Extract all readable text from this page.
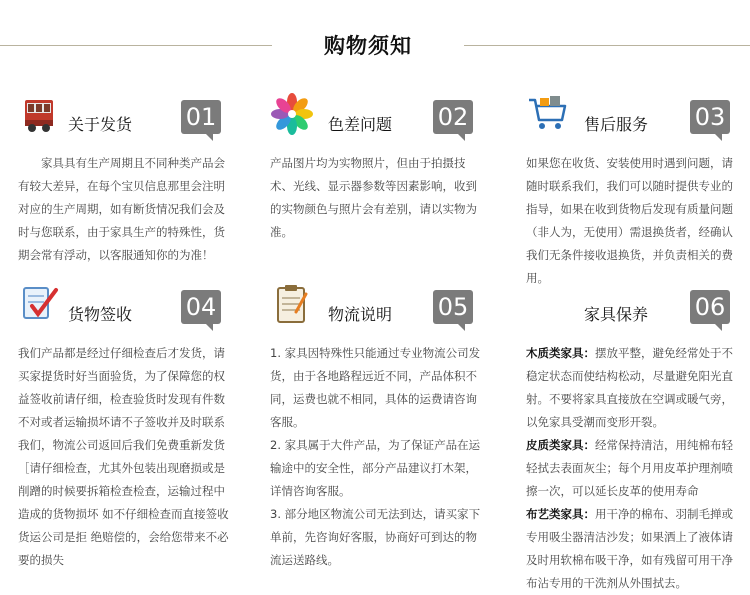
购物须知
关于发货 01

家具具有生产周期且不同种类产品会有较大差异，在每个宝贝信息那里会注明对应的生产周期，如有断货情况我们会及时与您联系，由于家具生产的特殊性，货期会常有浮动，以客服通知你的为准！

色差问题 02

产品图片均为实物照片，但由于拍摄技术、光线、显示器参数等因素影响，收到的实物颜色与照片会有差别，请以实物为准。

售后服务 03

如果您在收货、安装使用时遇到问题，请随时联系我们，我们可以随时提供专业的指导，如果在收到货物后发现有质量问题（非人为，无使用）需退换货者，经确认我们无条件接收退换货，并负责相关的费用。

货物签收 04

我们产品都是经过仔细检查后才发货，请买家提货时好当面验货，为了保障您的权益签收前请仔细，检查验货时发现有件数不对或者运输损坏请不子签收并及时联系我们，物流公司返回后我们免费重新发货［请仔细检查，尤其外包装出现磨损或是削蹭的时候要拆箱检查检查，运输过程中造成的货物损坏 如不仔细检查而直接签收货运公司是拒 绝赔偿的，会给您带来不必要的损失

物流说明 05

1. 家具因特殊性只能通过专业物流公司发货，由于各地路程远近不同，产品体积不同，运费也就不相同，具体的运费请咨询客服。

2. 家具属于大件产品，为了保证产品在运输途中的安全性，部分产品建议打木架，详情咨询客服。

3. 部分地区物流公司无法到达，请买家下单前，先咨询好客服，协商好可到达的物流运送路线。

家具保养 06

木质类家具：摆放平整，避免经常处于不稳定状态而使结构松动，尽量避免阳光直射。不要将家具直接放在空调或暖气旁，以免家具受潮而变形开裂。

皮质类家具：经常保持清洁，用纯棉布轻轻拭去表面灰尘；每个月用皮革护理剂喷擦一次，可以延长皮革的使用寿命

布艺类家具：用干净的棉布、羽制毛掸或专用吸尘器清洁沙发；如果洒上了液体请及时用软棉布吸干净，如有残留可用干净布沾专用的干洗剂从外围拭去。
